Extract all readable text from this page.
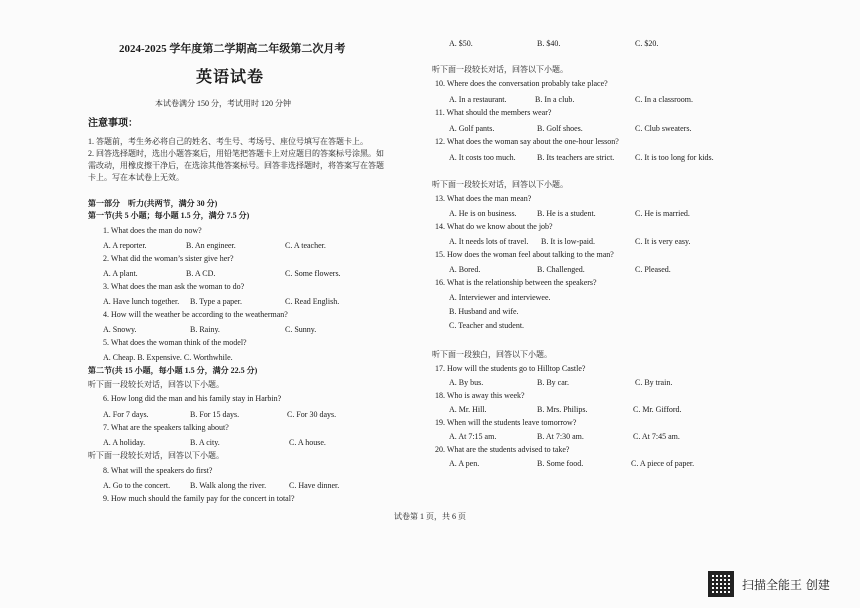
2024-2025 学年度第二学期高二年级第二次月考
英语试卷
本试卷满分 150 分，考试用时 120 分钟
注意事项：
1. 答题前，考生务必将自己的姓名、考生号、考场号、座位号填写在答题卡上。
2. 回答选择题时，选出小题答案后，用铅笔把答题卡上对应题目的答案标号涂黑。如
需改动，用橡皮擦干净后，在选涂其他答案标号。回答非选择题时，将答案写在答题
卡上。写在本试卷上无效。
第一部分　听力(共两节，满分 30 分)
第一节(共 5 小题；每小题 1.5 分，满分 7.5 分)
1. What does the man do now?
A. A reporter.	B. An engineer.	C. A teacher.
2. What did the woman’s sister give her?
A. A plant.	B. A CD.	C. Some flowers.
3. What does the man ask the woman to do?
A. Have lunch together. B. Type a paper.	C. Read English.
4. How will the weather be according to the weatherman?
A. Snowy.	B. Rainy.	C. Sunny.
5. What does the woman think of the model?
A. Cheap. B. Expensive. C. Worthwhile.
第二节(共 15 小题，每小题 1.5 分，满分 22.5 分)
听下面一段较长对话，回答以下小题。
6. How long did the man and his family stay in Harbin?
A. For 7 days.	B. For 15 days.	C. For 30 days.
7. What are the speakers talking about?
A. A holiday.	B. A city.	C. A house.
听下面一段较长对话，回答以下小题。
8. What will the speakers do first?
A. Go to the concert. B. Walk along the river.	C. Have dinner.
9. How much should the family pay for the concert in total?
A. $50.	B. $40.	C. $20.
听下面一段较长对话，回答以下小题。
10. Where does the conversation probably take place?
A. In a restaurant.	B. In a club.	C. In a classroom.
11. What should the members wear?
A. Golf pants.	B. Golf shoes.	C. Club sweaters.
12. What does the woman say about the one-hour lesson?
A. It costs too much.	B. Its teachers are strict.	C. It is too long for kids.
听下面一段较长对话，回答以下小题。
13. What does the man mean?
A. He is on business.	B. He is a student.	C. He is married.
14. What do we know about the job?
A. It needs lots of travel. B. It is low-paid.	C. It is very easy.
15. How does the woman feel about talking to the man?
A. Bored.	B. Challenged.	C. Pleased.
16. What is the relationship between the speakers?
A. Interviewer and interviewee.
B. Husband and wife.
C. Teacher and student.
听下面一段独白，回答以下小题。
17. How will the students go to Hilltop Castle?
A. By bus.	B. By car.	C. By train.
18. Who is away this week?
A. Mr. Hill.	B. Mrs. Philips.	C. Mr. Gifford.
19. When will the students leave tomorrow?
A. At 7:15 am.	B. At 7:30 am.	C. At 7:45 am.
20. What are the students advised to take?
A. A pen.	B. Some food.	C. A piece of paper.
试卷第 1 页，共 6 页
扫描全能王 创建
